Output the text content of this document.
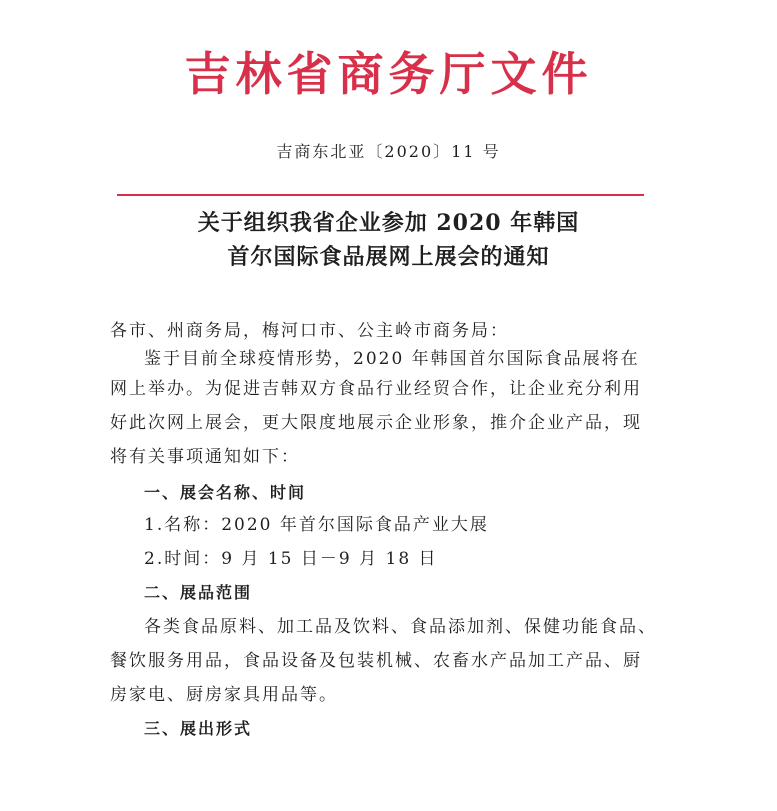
吉林省商务厅文件
吉商东北亚〔2020〕11 号
关于组织我省企业参加 2020 年韩国
首尔国际食品展网上展会的通知
各市、州商务局，梅河口市、公主岭市商务局：
鉴于目前全球疫情形势，2020 年韩国首尔国际食品展将在
网上举办。为促进吉韩双方食品行业经贸合作，让企业充分利用
好此次网上展会，更大限度地展示企业形象，推介企业产品，现
将有关事项通知如下：
一、展会名称、时间
1.名称：2020 年首尔国际食品产业大展
2.时间：9 月 15 日－9 月 18 日
二、展品范围
各类食品原料、加工品及饮料、食品添加剂、保健功能食品、
餐饮服务用品，食品设备及包装机械、农畜水产品加工产品、厨
房家电、厨房家具用品等。
三、展出形式
